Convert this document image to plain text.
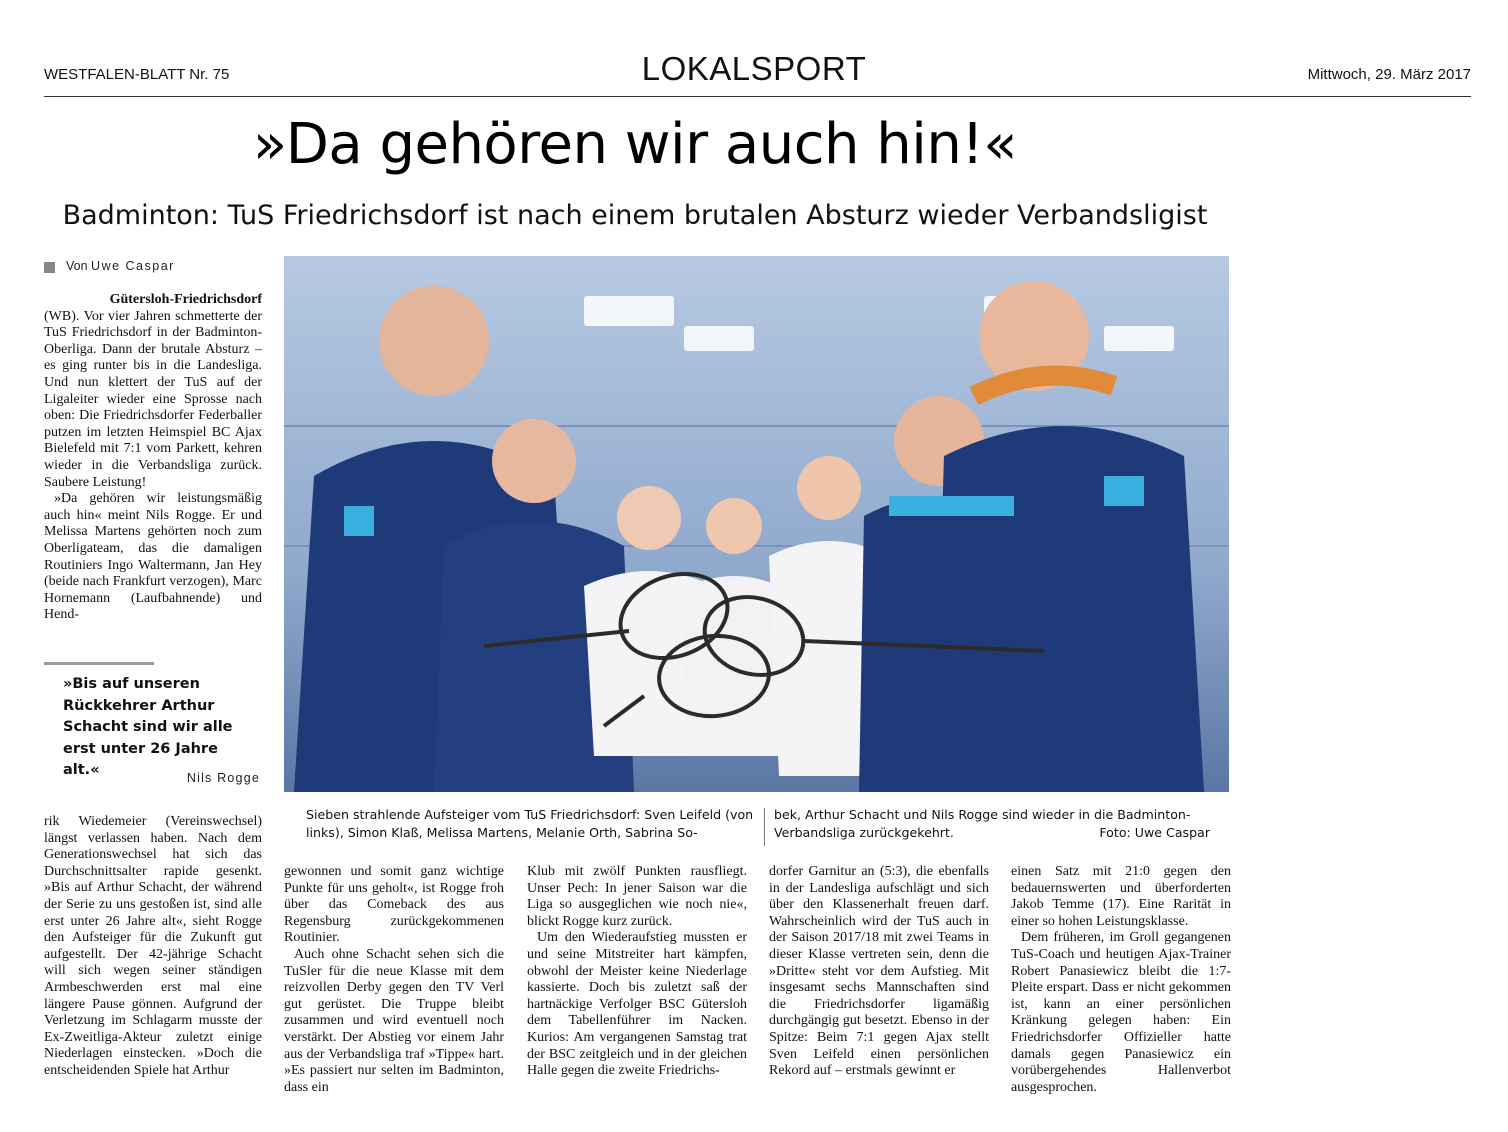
WESTFALEN-BLATT Nr. 75	LOKALSPORT	Mittwoch, 29. März 2017
»Da gehören wir auch hin!«
Badminton: TuS Friedrichsdorf ist nach einem brutalen Absturz wieder Verbandsligist
Von Uwe Caspar

Gütersloh-Friedrichsdorf

(WB). Vor vier Jahren schmetterte der TuS Friedrichsdorf in der Badminton-Oberliga. Dann der brutale Absturz – es ging runter bis in die Landesliga. Und nun klettert der TuS auf der Ligaleiter wieder eine Sprosse nach oben: Die Friedrichsdorfer Federballer putzen im letzten Heimspiel BC Ajax Bielefeld mit 7:1 vom Parkett, kehren wieder in die Verbandsliga zurück. Saubere Leistung!

»Da gehören wir leistungsmäßig auch hin« meint Nils Rogge. Er und Melissa Martens gehörten noch zum Oberligateam, das die damaligen Routiniers Ingo Waltermann, Jan Hey (beide nach Frankfurt verzogen), Marc Hornemann (Laufbahnende) und Hend-

»Bis auf unseren Rückkehrer Arthur Schacht sind wir alle erst unter 26 Jahre alt.«	Nils Rogge
Sieben strahlende Aufsteiger vom TuS Friedrichsdorf: Sven Leifeld (von links), Simon Klaß, Melissa Martens, Melanie Orth, Sabrina So-
bek, Arthur Schacht und Nils Rogge sind wieder in die Badminton-Verbandsliga zurückgekehrt.	Foto: Uwe Caspar

rik Wiedemeier (Vereinswechsel) längst verlassen haben. Nach dem Generationswechsel hat sich das Durchschnittsalter rapide gesenkt. »Bis auf Arthur Schacht, der während der Serie zu uns gestoßen ist, sind alle erst unter 26 Jahre alt«, sieht Rogge den Aufsteiger für die Zukunft gut aufgestellt. Der 42-jährige Schacht will sich wegen seiner ständigen Armbeschwerden erst mal eine längere Pause gönnen. Aufgrund der Verletzung im Schlagarm musste der Ex-Zweitliga-Akteur zuletzt einige Niederlagen einstecken. »Doch die entscheidenden Spiele hat Arthur

gewonnen und somit ganz wichtige Punkte für uns geholt«, ist Rogge froh über das Comeback des aus Regensburg zurückgekommenen Routinier.

Auch ohne Schacht sehen sich die TuSler für die neue Klasse mit dem reizvollen Derby gegen den TV Verl gut gerüstet. Die Truppe bleibt zusammen und wird eventuell noch verstärkt. Der Abstieg vor einem Jahr aus der Verbandsliga traf »Tippe« hart. »Es passiert nur selten im Badminton, dass ein

Klub mit zwölf Punkten rausfliegt. Unser Pech: In jener Saison war die Liga so ausgeglichen wie noch nie«, blickt Rogge kurz zurück.

Um den Wiederaufstieg mussten er und seine Mitstreiter hart kämpfen, obwohl der Meister keine Niederlage kassierte. Doch bis zuletzt saß der hartnäckige Verfolger BSC Gütersloh dem Tabellenführer im Nacken. Kurios: Am vergangenen Samstag trat der BSC zeitgleich und in der gleichen Halle gegen die zweite Friedrichs-

dorfer Garnitur an (5:3), die ebenfalls in der Landesliga aufschlägt und sich über den Klassenerhalt freuen darf. Wahrscheinlich wird der TuS auch in der Saison 2017/18 mit zwei Teams in dieser Klasse vertreten sein, denn die »Dritte« steht vor dem Aufstieg. Mit insgesamt sechs Mannschaften sind die Friedrichsdorfer ligamäßig durchgängig gut besetzt. Ebenso in der Spitze: Beim 7:1 gegen Ajax stellt Sven Leifeld einen persönlichen Rekord auf – erstmals gewinnt er

einen Satz mit 21:0 gegen den bedauernswerten und überforderten Jakob Temme (17). Eine Rarität in einer so hohen Leistungsklasse.

Dem früheren, im Groll gegangenen TuS-Coach und heutigen Ajax-Trainer Robert Panasiewicz bleibt die 1:7-Pleite erspart. Dass er nicht gekommen ist, kann an einer persönlichen Kränkung gelegen haben: Ein Friedrichsdorfer Offizieller hatte damals gegen Panasiewicz ein vorübergehendes Hallenverbot ausgesprochen.
